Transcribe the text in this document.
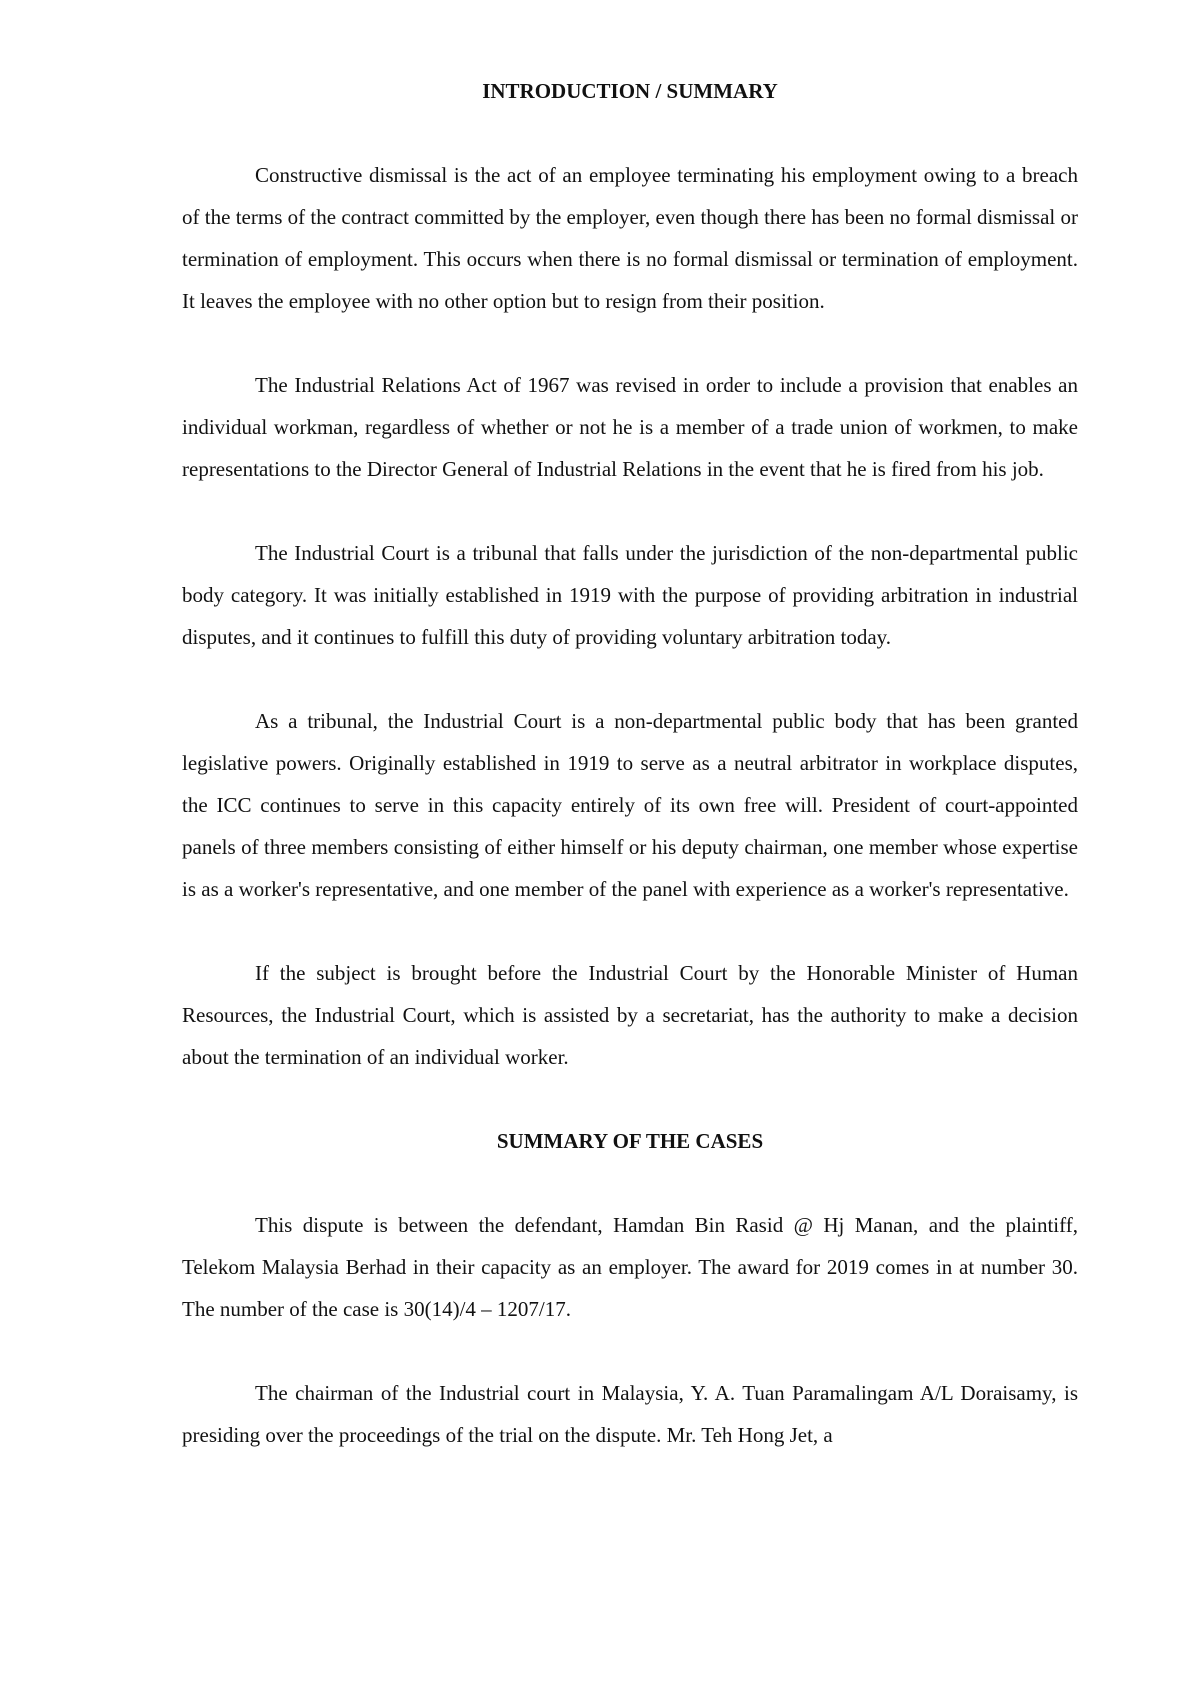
INTRODUCTION / SUMMARY

Constructive dismissal is the act of an employee terminating his employment owing to a breach of the terms of the contract committed by the employer, even though there has been no formal dismissal or termination of employment. This occurs when there is no formal dismissal or termination of employment. It leaves the employee with no other option but to resign from their position.

The Industrial Relations Act of 1967 was revised in order to include a provision that enables an individual workman, regardless of whether or not he is a member of a trade union of workmen, to make representations to the Director General of Industrial Relations in the event that he is fired from his job.

The Industrial Court is a tribunal that falls under the jurisdiction of the non-departmental public body category. It was initially established in 1919 with the purpose of providing arbitration in industrial disputes, and it continues to fulfill this duty of providing voluntary arbitration today.

As a tribunal, the Industrial Court is a non-departmental public body that has been granted legislative powers. Originally established in 1919 to serve as a neutral arbitrator in workplace disputes, the ICC continues to serve in this capacity entirely of its own free will. President of court-appointed panels of three members consisting of either himself or his deputy chairman, one member whose expertise is as a worker's representative, and one member of the panel with experience as a worker's representative.

If the subject is brought before the Industrial Court by the Honorable Minister of Human Resources, the Industrial Court, which is assisted by a secretariat, has the authority to make a decision about the termination of an individual worker.

SUMMARY OF THE CASES

This dispute is between the defendant, Hamdan Bin Rasid @ Hj Manan, and the plaintiff, Telekom Malaysia Berhad in their capacity as an employer. The award for 2019 comes in at number 30. The number of the case is 30(14)/4 – 1207/17.

The chairman of the Industrial court in Malaysia, Y. A. Tuan Paramalingam A/L Doraisamy, is presiding over the proceedings of the trial on the dispute. Mr. Teh Hong Jet, a
